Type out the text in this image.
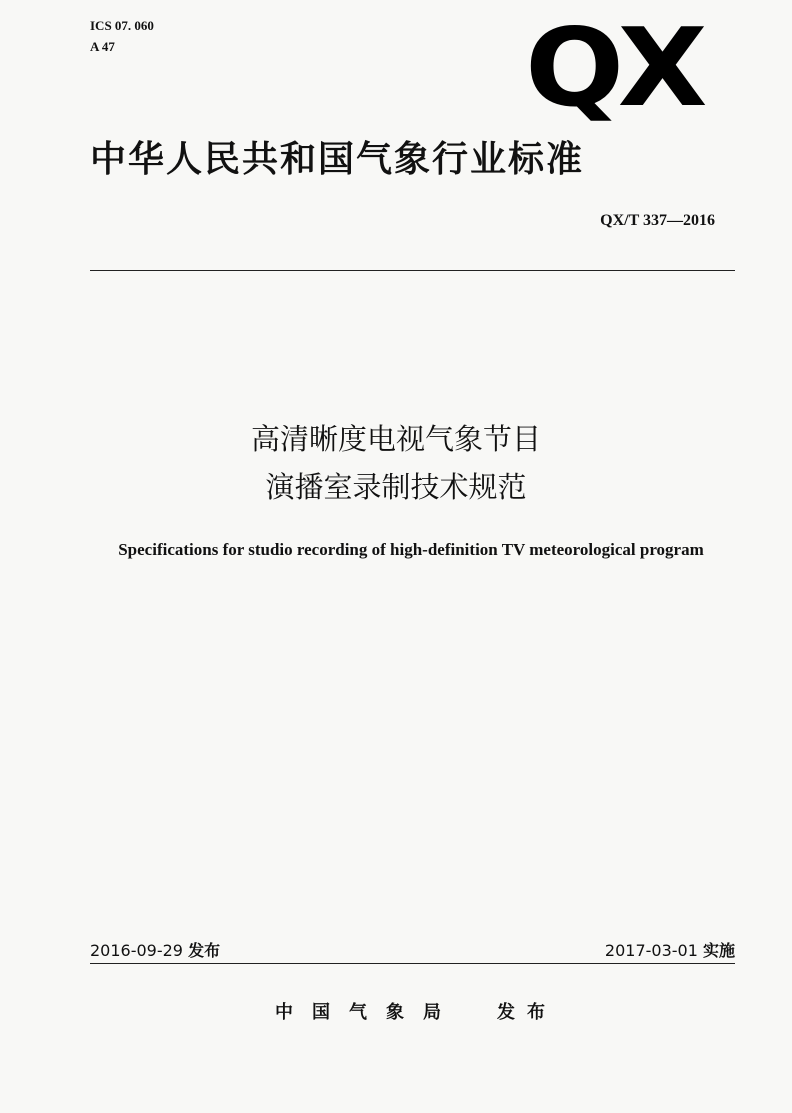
ICS 07. 060
A 47	QX
中华人民共和国气象行业标准
QX/T 337—2016
高清晰度电视气象节目
演播室录制技术规范
Specifications for studio recording of high-definition TV meteorological program
2016-09-29 发布	2017-03-01 实施
中国气象局 发布
